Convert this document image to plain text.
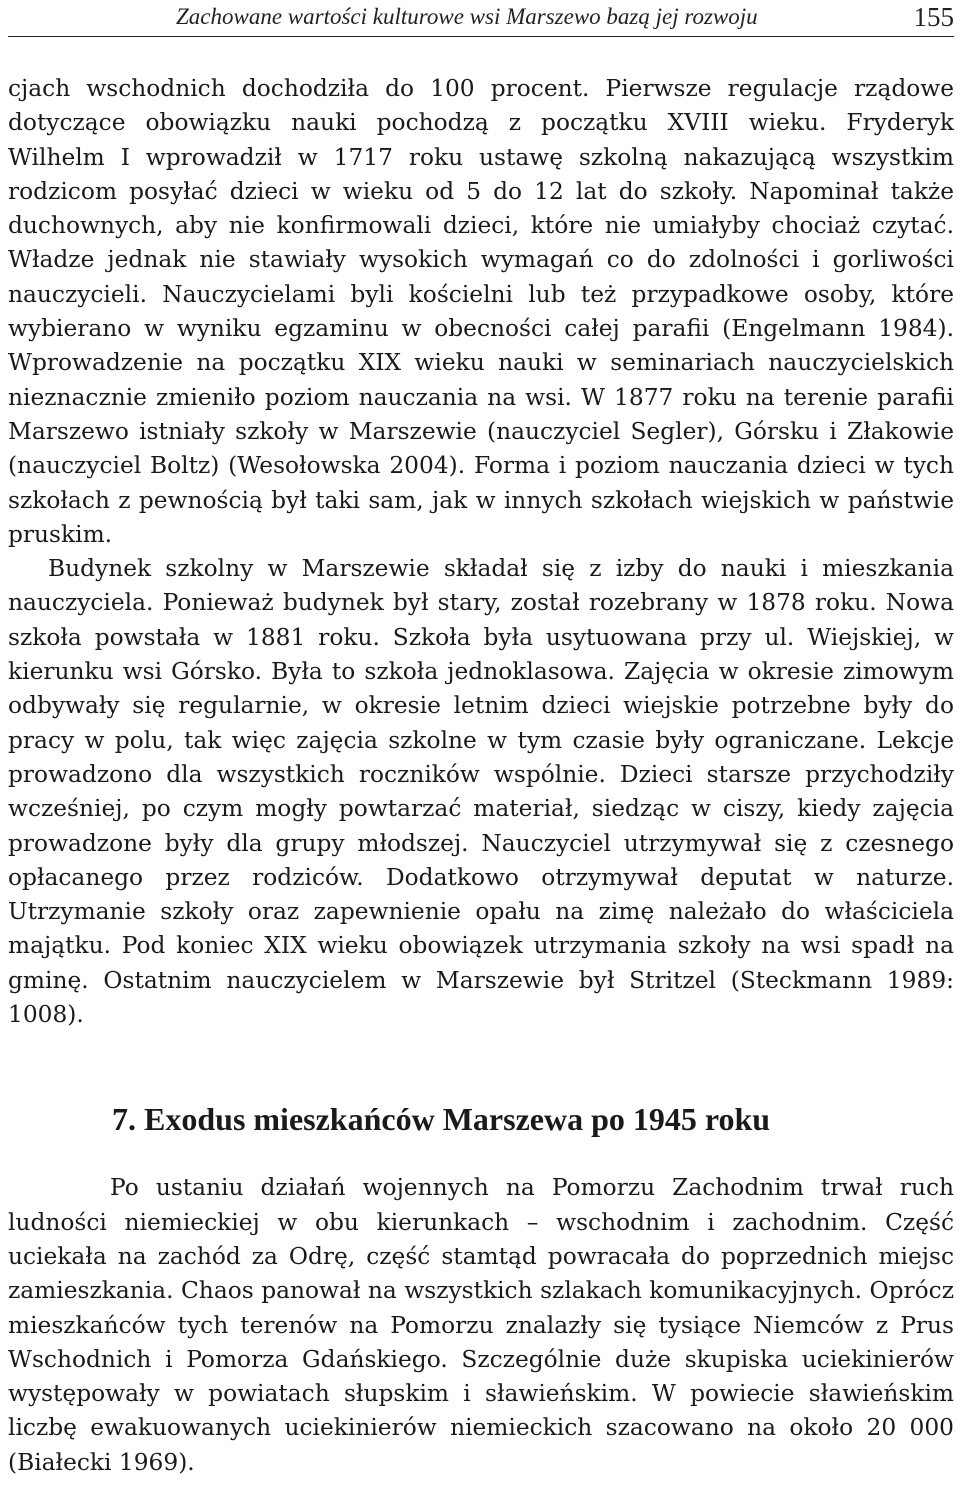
Zachowane wartości kulturowe wsi Marszewo bazą jej rozwoju	155

cjach wschodnich dochodziła do 100 procent. Pierwsze regulacje rządowe dotyczące obowiązku nauki pochodzą z początku XVIII wieku. Fryderyk Wilhelm I wprowadził w 1717 roku ustawę szkolną nakazującą wszystkim rodzicom posyłać dzieci w wieku od 5 do 12 lat do szkoły. Napominał także duchownych, aby nie konfirmowali dzieci, które nie umiałyby chociaż czytać. Władze jednak nie stawiały wysokich wymagań co do zdolności i gorliwości nauczycieli. Nauczycielami byli kościelni lub też przypadkowe osoby, które wybierano w wyniku egzaminu w obecności całej parafii (Engelmann 1984). Wprowadzenie na początku XIX wieku nauki w seminariach nauczycielskich nieznacznie zmieniło poziom nauczania na wsi. W 1877 roku na terenie parafii Marszewo istniały szkoły w Marszewie (nauczyciel Segler), Górsku i Złakowie (nauczyciel Boltz) (Wesołowska 2004). Forma i poziom nauczania dzieci w tych szkołach z pewnością był taki sam, jak w innych szkołach wiejskich w państwie pruskim.

Budynek szkolny w Marszewie składał się z izby do nauki i mieszkania nauczyciela. Ponieważ budynek był stary, został rozebrany w 1878 roku. Nowa szkoła powstała w 1881 roku. Szkoła była usytuowana przy ul. Wiejskiej, w kierunku wsi Górsko. Była to szkoła jednoklasowa. Zajęcia w okresie zimowym odbywały się regularnie, w okresie letnim dzieci wiejskie potrzebne były do pracy w polu, tak więc zajęcia szkolne w tym czasie były ograniczane. Lekcje prowadzono dla wszystkich roczników wspólnie. Dzieci starsze przychodziły wcześniej, po czym mogły powtarzać materiał, siedząc w ciszy, kiedy zajęcia prowadzone były dla grupy młodszej. Nauczyciel utrzymywał się z czesnego opłacanego przez rodziców. Dodatkowo otrzymywał deputat w naturze. Utrzymanie szkoły oraz zapewnienie opału na zimę należało do właściciela majątku. Pod koniec XIX wieku obowiązek utrzymania szkoły na wsi spadł na gminę. Ostatnim nauczycielem w Marszewie był Stritzel (Steckmann 1989: 1008).

7. Exodus mieszkańców Marszewa po 1945 roku

Po ustaniu działań wojennych na Pomorzu Zachodnim trwał ruch ludności niemieckiej w obu kierunkach – wschodnim i zachodnim. Część uciekała na zachód za Odrę, część stamtąd powracała do poprzednich miejsc zamieszkania. Chaos panował na wszystkich szlakach komunikacyjnych. Oprócz mieszkańców tych terenów na Pomorzu znalazły się tysiące Niemców z Prus Wschodnich i Pomorza Gdańskiego. Szczególnie duże skupiska uciekinierów występowały w powiatach słupskim i sławieńskim. W powiecie sławieńskim liczbę ewakuowanych uciekinierów niemieckich szacowano na około 20 000 (Białecki 1969).
